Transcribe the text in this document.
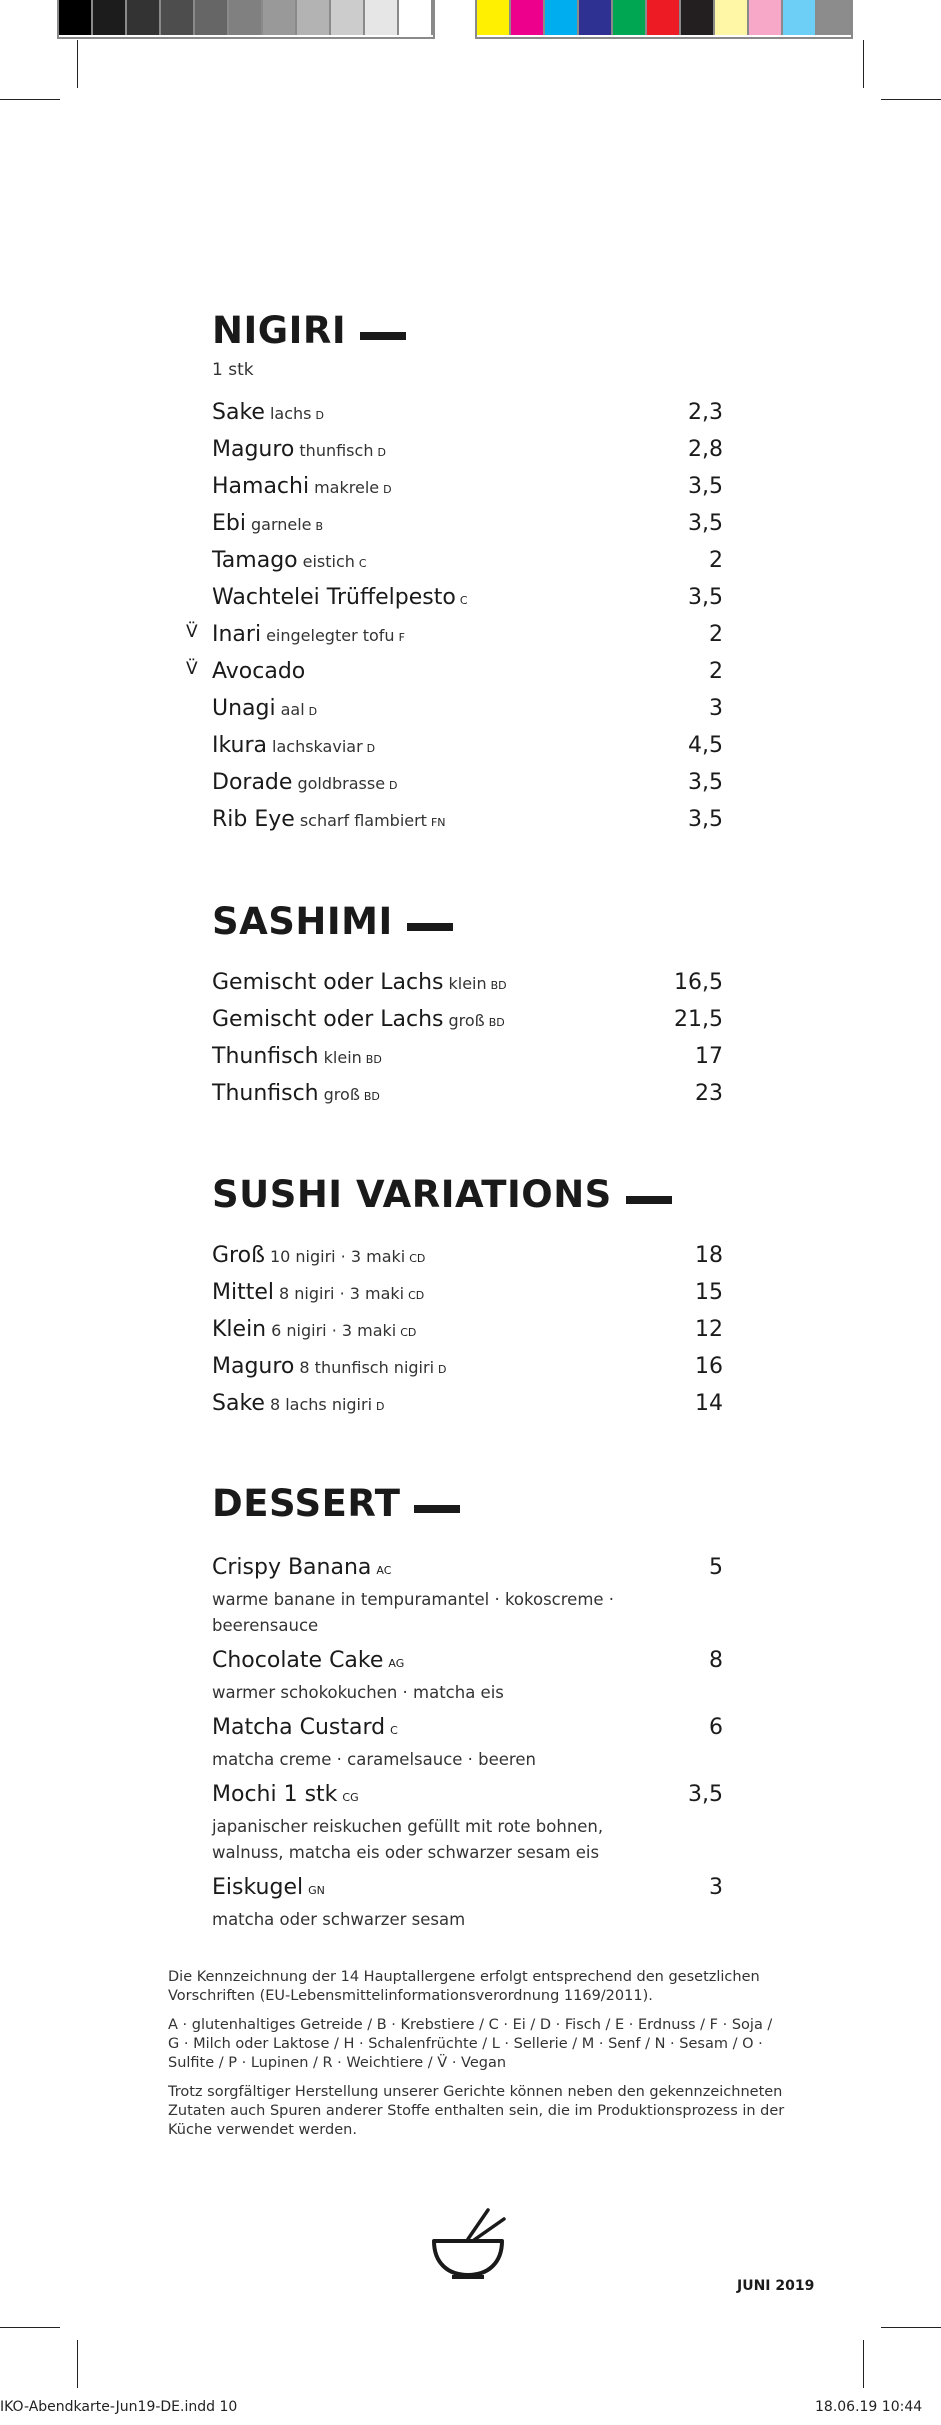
NIGIRI
1 stk
Sake lachs D	2,3
Maguro thunfisch D	2,8
Hamachi makrele D	3,5
Ebi garnele B	3,5
Tamago eistich C	2
Wachtelei Trüffelpesto C	3,5
V̈ Inari eingelegter tofu F	2
V̈ Avocado	2
Unagi aal D	3
Ikura lachskaviar D	4,5
Dorade goldbrasse D	3,5
Rib Eye scharf flambiert FN	3,5
SASHIMI
Gemischt oder Lachs klein BD	16,5
Gemischt oder Lachs groß BD	21,5
Thunfisch klein BD	17
Thunfisch groß BD	23
SUSHI VARIATIONS
Groß 10 nigiri · 3 maki CD	18
Mittel 8 nigiri · 3 maki CD	15
Klein 6 nigiri · 3 maki CD	12
Maguro 8 thunfisch nigiri D	16
Sake 8 lachs nigiri D	14
DESSERT
Crispy Banana AC	5
warme banane in tempuramantel · kokoscreme · beerensauce
Chocolate Cake AG	8
warmer schokokuchen · matcha eis
Matcha Custard C	6
matcha creme · caramelsauce · beeren
Mochi 1 stk CG	3,5
japanischer reiskuchen gefüllt mit rote bohnen, walnuss, matcha eis oder schwarzer sesam eis
Eiskugel GN	3
matcha oder schwarzer sesam

Die Kennzeichnung der 14 Hauptallergene erfolgt entsprechend den gesetzlichen Vorschriften (EU-Lebensmittelinformationsverordnung 1169/2011).

A · glutenhaltiges Getreide / B · Krebstiere / C · Ei / D · Fisch / E · Erdnuss / F · Soja / G · Milch oder Laktose / H · Schalenfrüchte / L · Sellerie / M · Senf / N · Sesam / O · Sulfite / P · Lupinen / R · Weichtiere / V̈ · Vegan

Trotz sorgfältiger Herstellung unserer Gerichte können neben den gekennzeichneten Zutaten auch Spuren anderer Stoffe enthalten sein, die im Produktionsprozess in der Küche verwendet werden.

JUNI 2019
IKO-Abendkarte-Jun19-DE.indd 10	18.06.19 10:44
